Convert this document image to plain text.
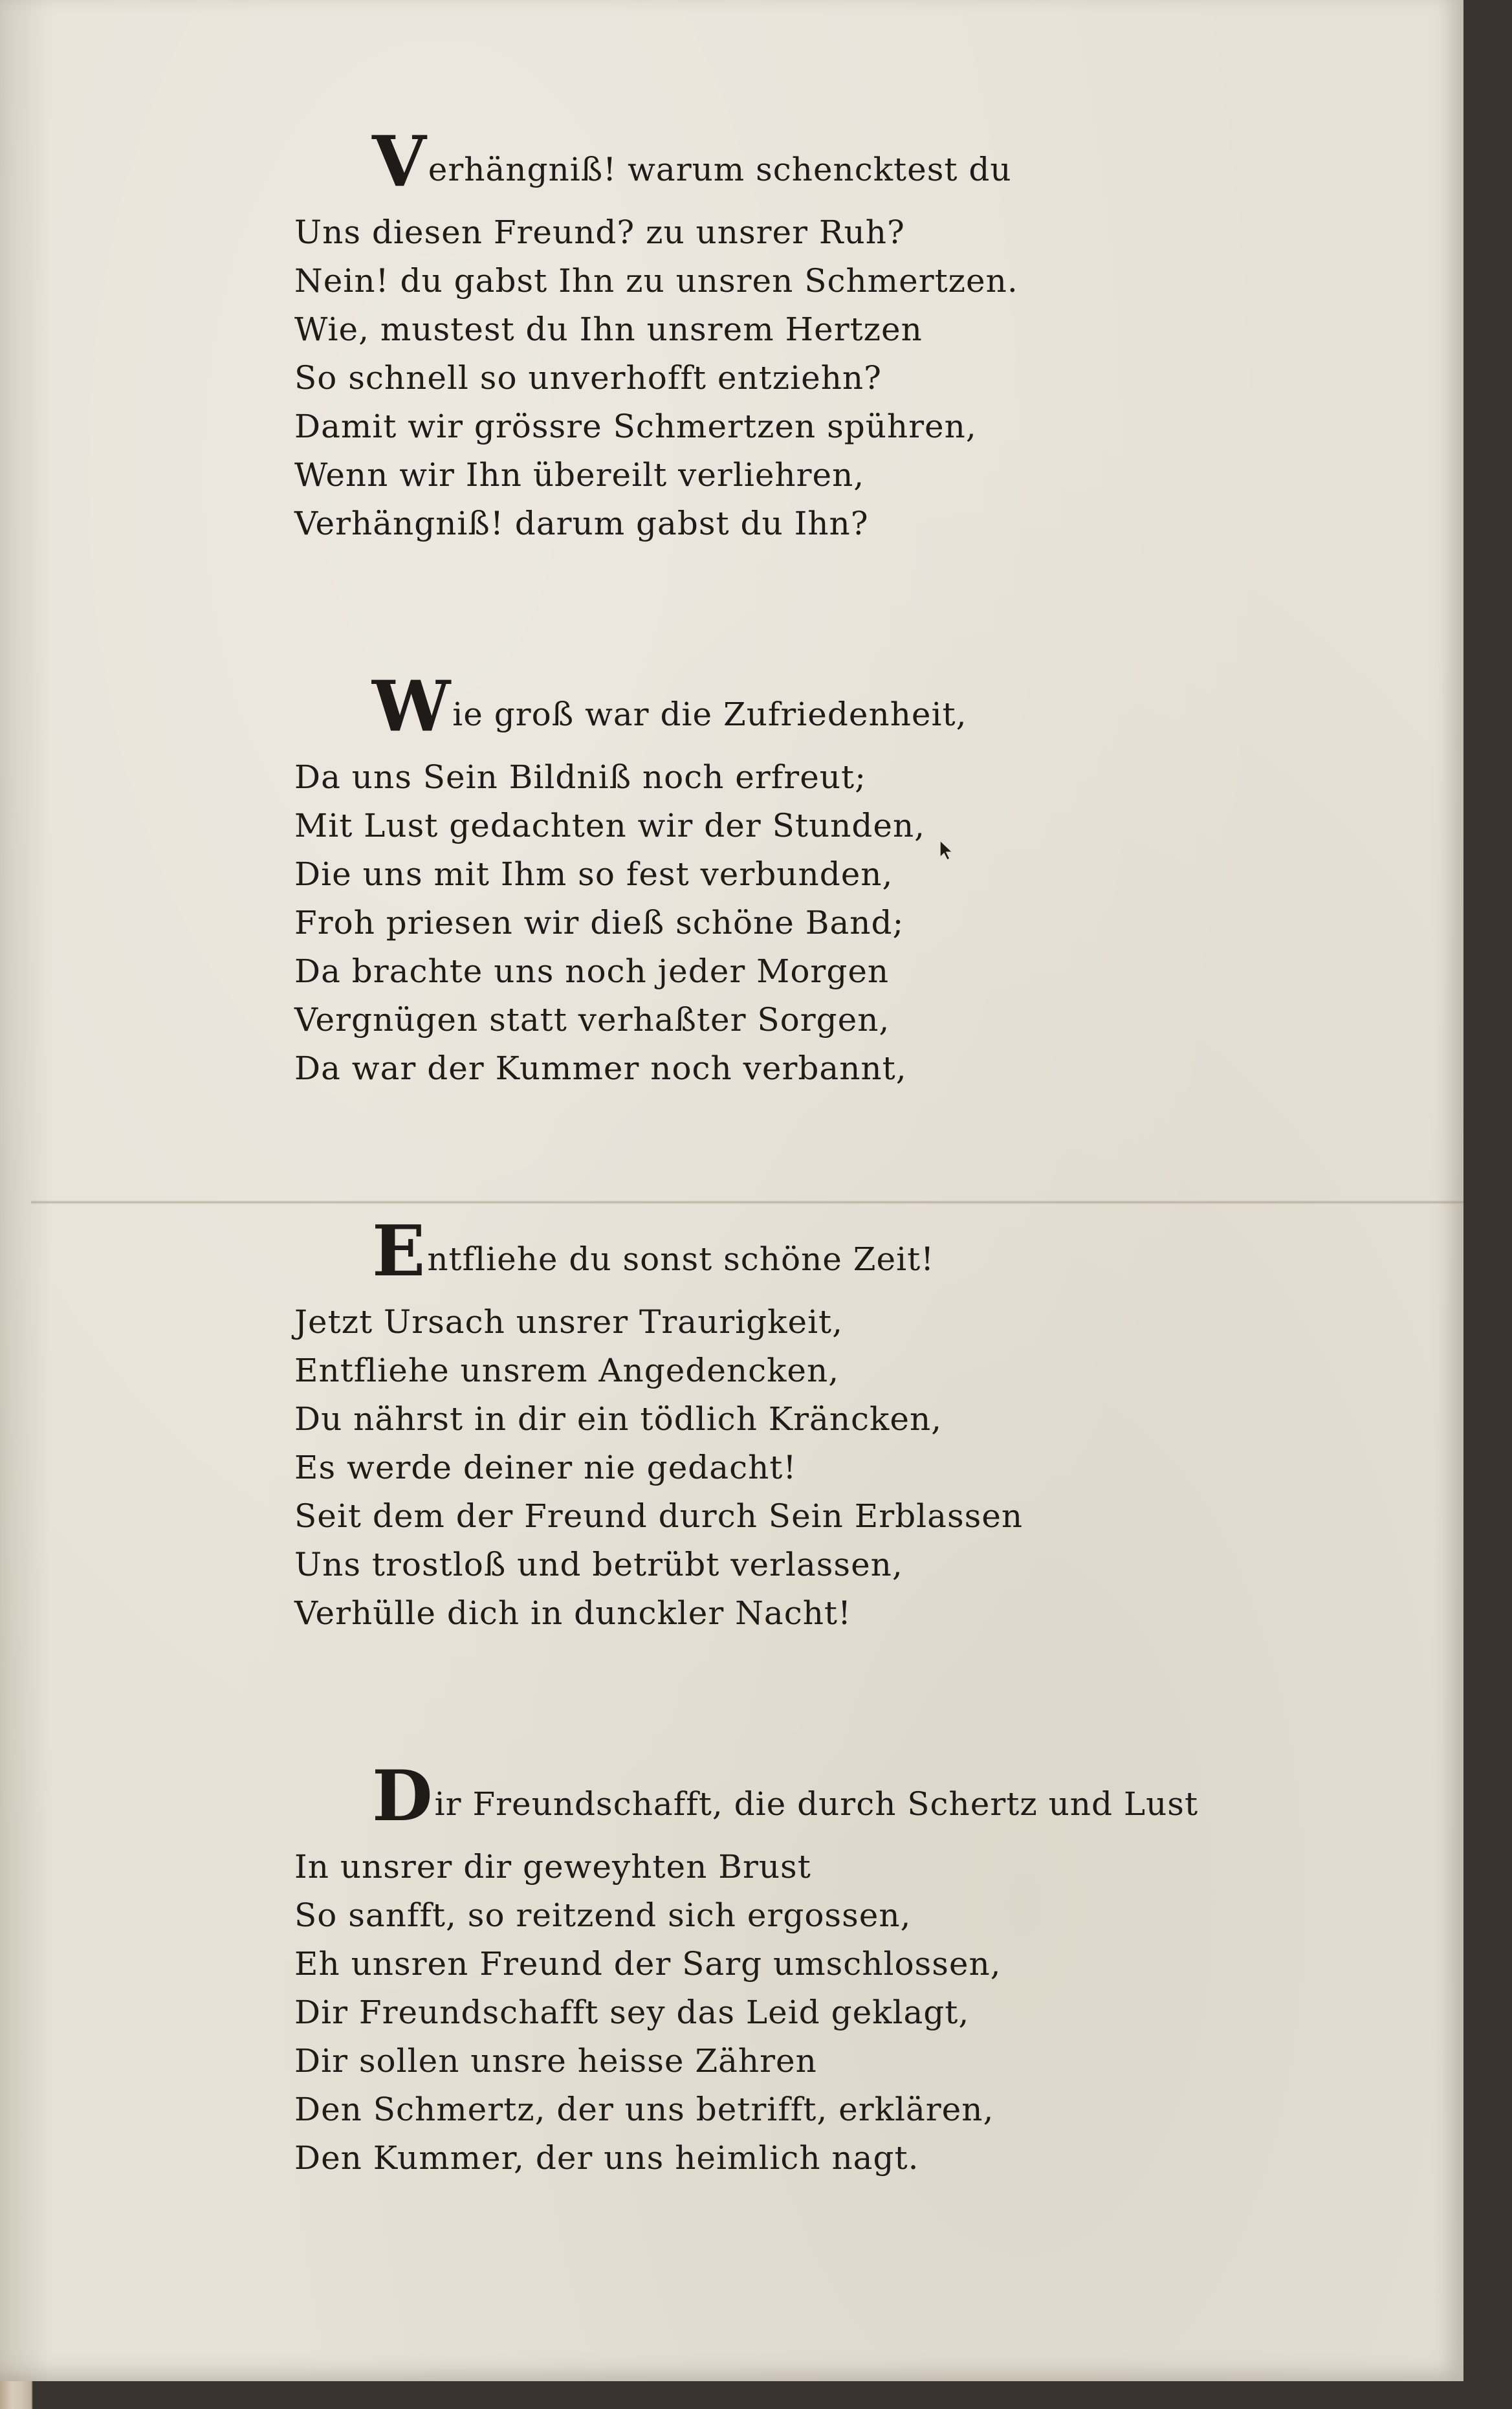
Verhängniß! warum schencktest du
Uns diesen Freund? zu unsrer Ruh?
Nein! du gabst Ihn zu unsren Schmertzen.
Wie, mustest du Ihn unsrem Hertzen
So schnell so unverhofft entziehn?
Damit wir grössre Schmertzen spühren,
Wenn wir Ihn übereilt verliehren,
Verhängniß! darum gabst du Ihn?
Wie groß war die Zufriedenheit,
Da uns Sein Bildniß noch erfreut;
Mit Lust gedachten wir der Stunden,
Die uns mit Ihm so fest verbunden,
Froh priesen wir dieß schöne Band;
Da brachte uns noch jeder Morgen
Vergnügen statt verhaßter Sorgen,
Da war der Kummer noch verbannt,
Entfliehe du sonst schöne Zeit!
Jetzt Ursach unsrer Traurigkeit,
Entfliehe unsrem Angedencken,
Du nährst in dir ein tödlich Kräncken,
Es werde deiner nie gedacht!
Seit dem der Freund durch Sein Erblassen
Uns trostloß und betrübt verlassen,
Verhülle dich in dunckler Nacht!
Dir Freundschafft, die durch Schertz und Lust
In unsrer dir geweyhten Brust
So sanfft, so reitzend sich ergossen,
Eh unsren Freund der Sarg umschlossen,
Dir Freundschafft sey das Leid geklagt,
Dir sollen unsre heisse Zähren
Den Schmertz, der uns betrifft, erklären,
Den Kummer, der uns heimlich nagt.
